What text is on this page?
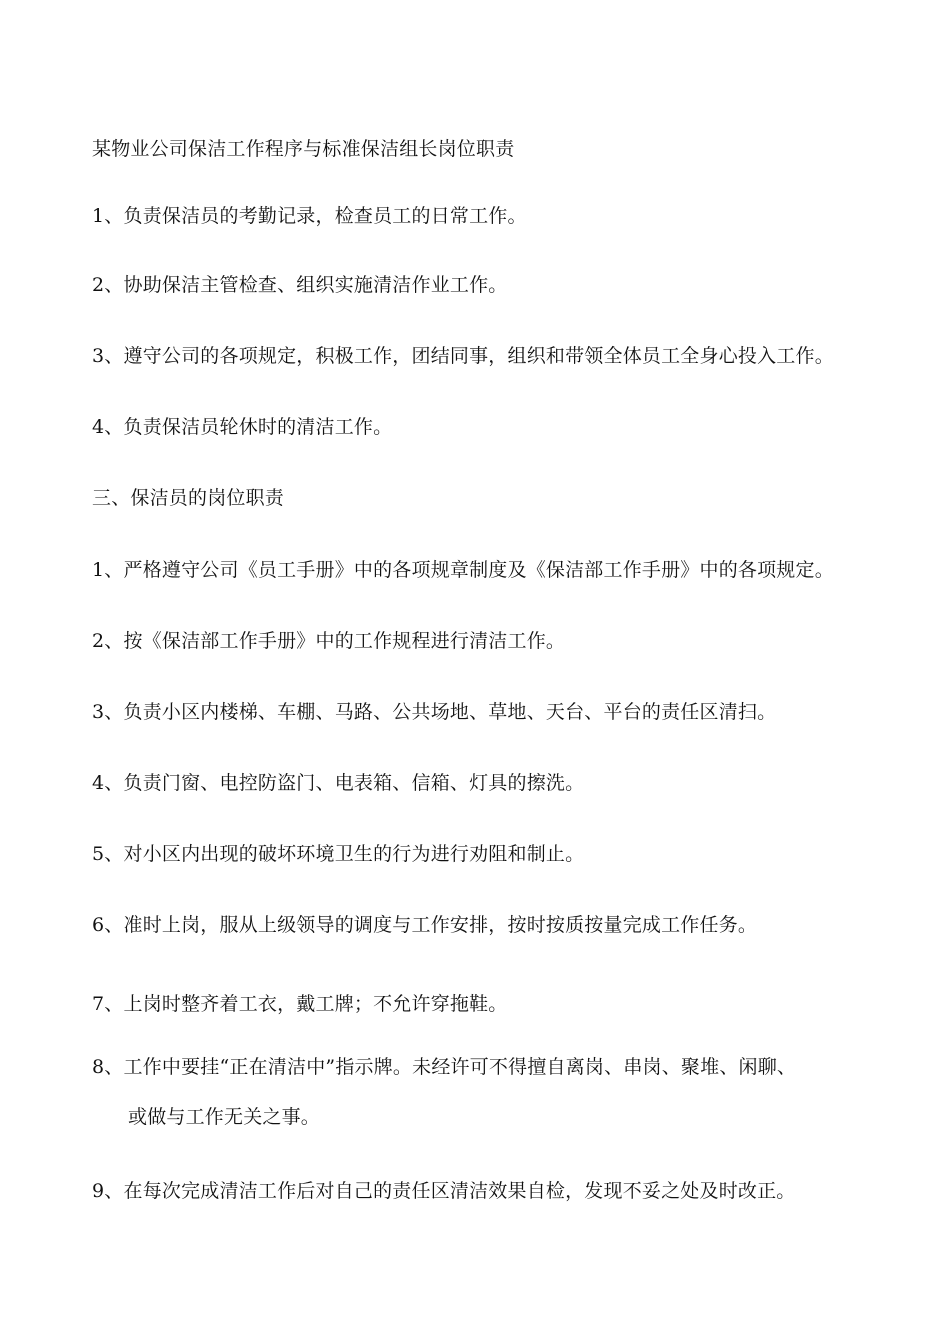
某物业公司保洁工作程序与标准保洁组长岗位职责
1、负责保洁员的考勤记录，检查员工的日常工作。
2、协助保洁主管检查、组织实施清洁作业工作。
3、遵守公司的各项规定，积极工作，团结同事，组织和带领全体员工全身心投入工作。
4、负责保洁员轮休时的清洁工作。
三、保洁员的岗位职责
1、严格遵守公司《员工手册》中的各项规章制度及《保洁部工作手册》中的各项规定。
2、按《保洁部工作手册》中的工作规程进行清洁工作。
3、负责小区内楼梯、车棚、马路、公共场地、草地、天台、平台的责任区清扫。
4、负责门窗、电控防盗门、电表箱、信箱、灯具的擦洗。
5、对小区内出现的破坏环境卫生的行为进行劝阻和制止。
6、准时上岗，服从上级领导的调度与工作安排，按时按质按量完成工作任务。
7、上岗时整齐着工衣，戴工牌；不允许穿拖鞋。
8、工作中要挂“正在清洁中”指示牌。未经许可不得擅自离岗、串岗、聚堆、闲聊、
或做与工作无关之事。
9、在每次完成清洁工作后对自己的责任区清洁效果自检，发现不妥之处及时改正。
